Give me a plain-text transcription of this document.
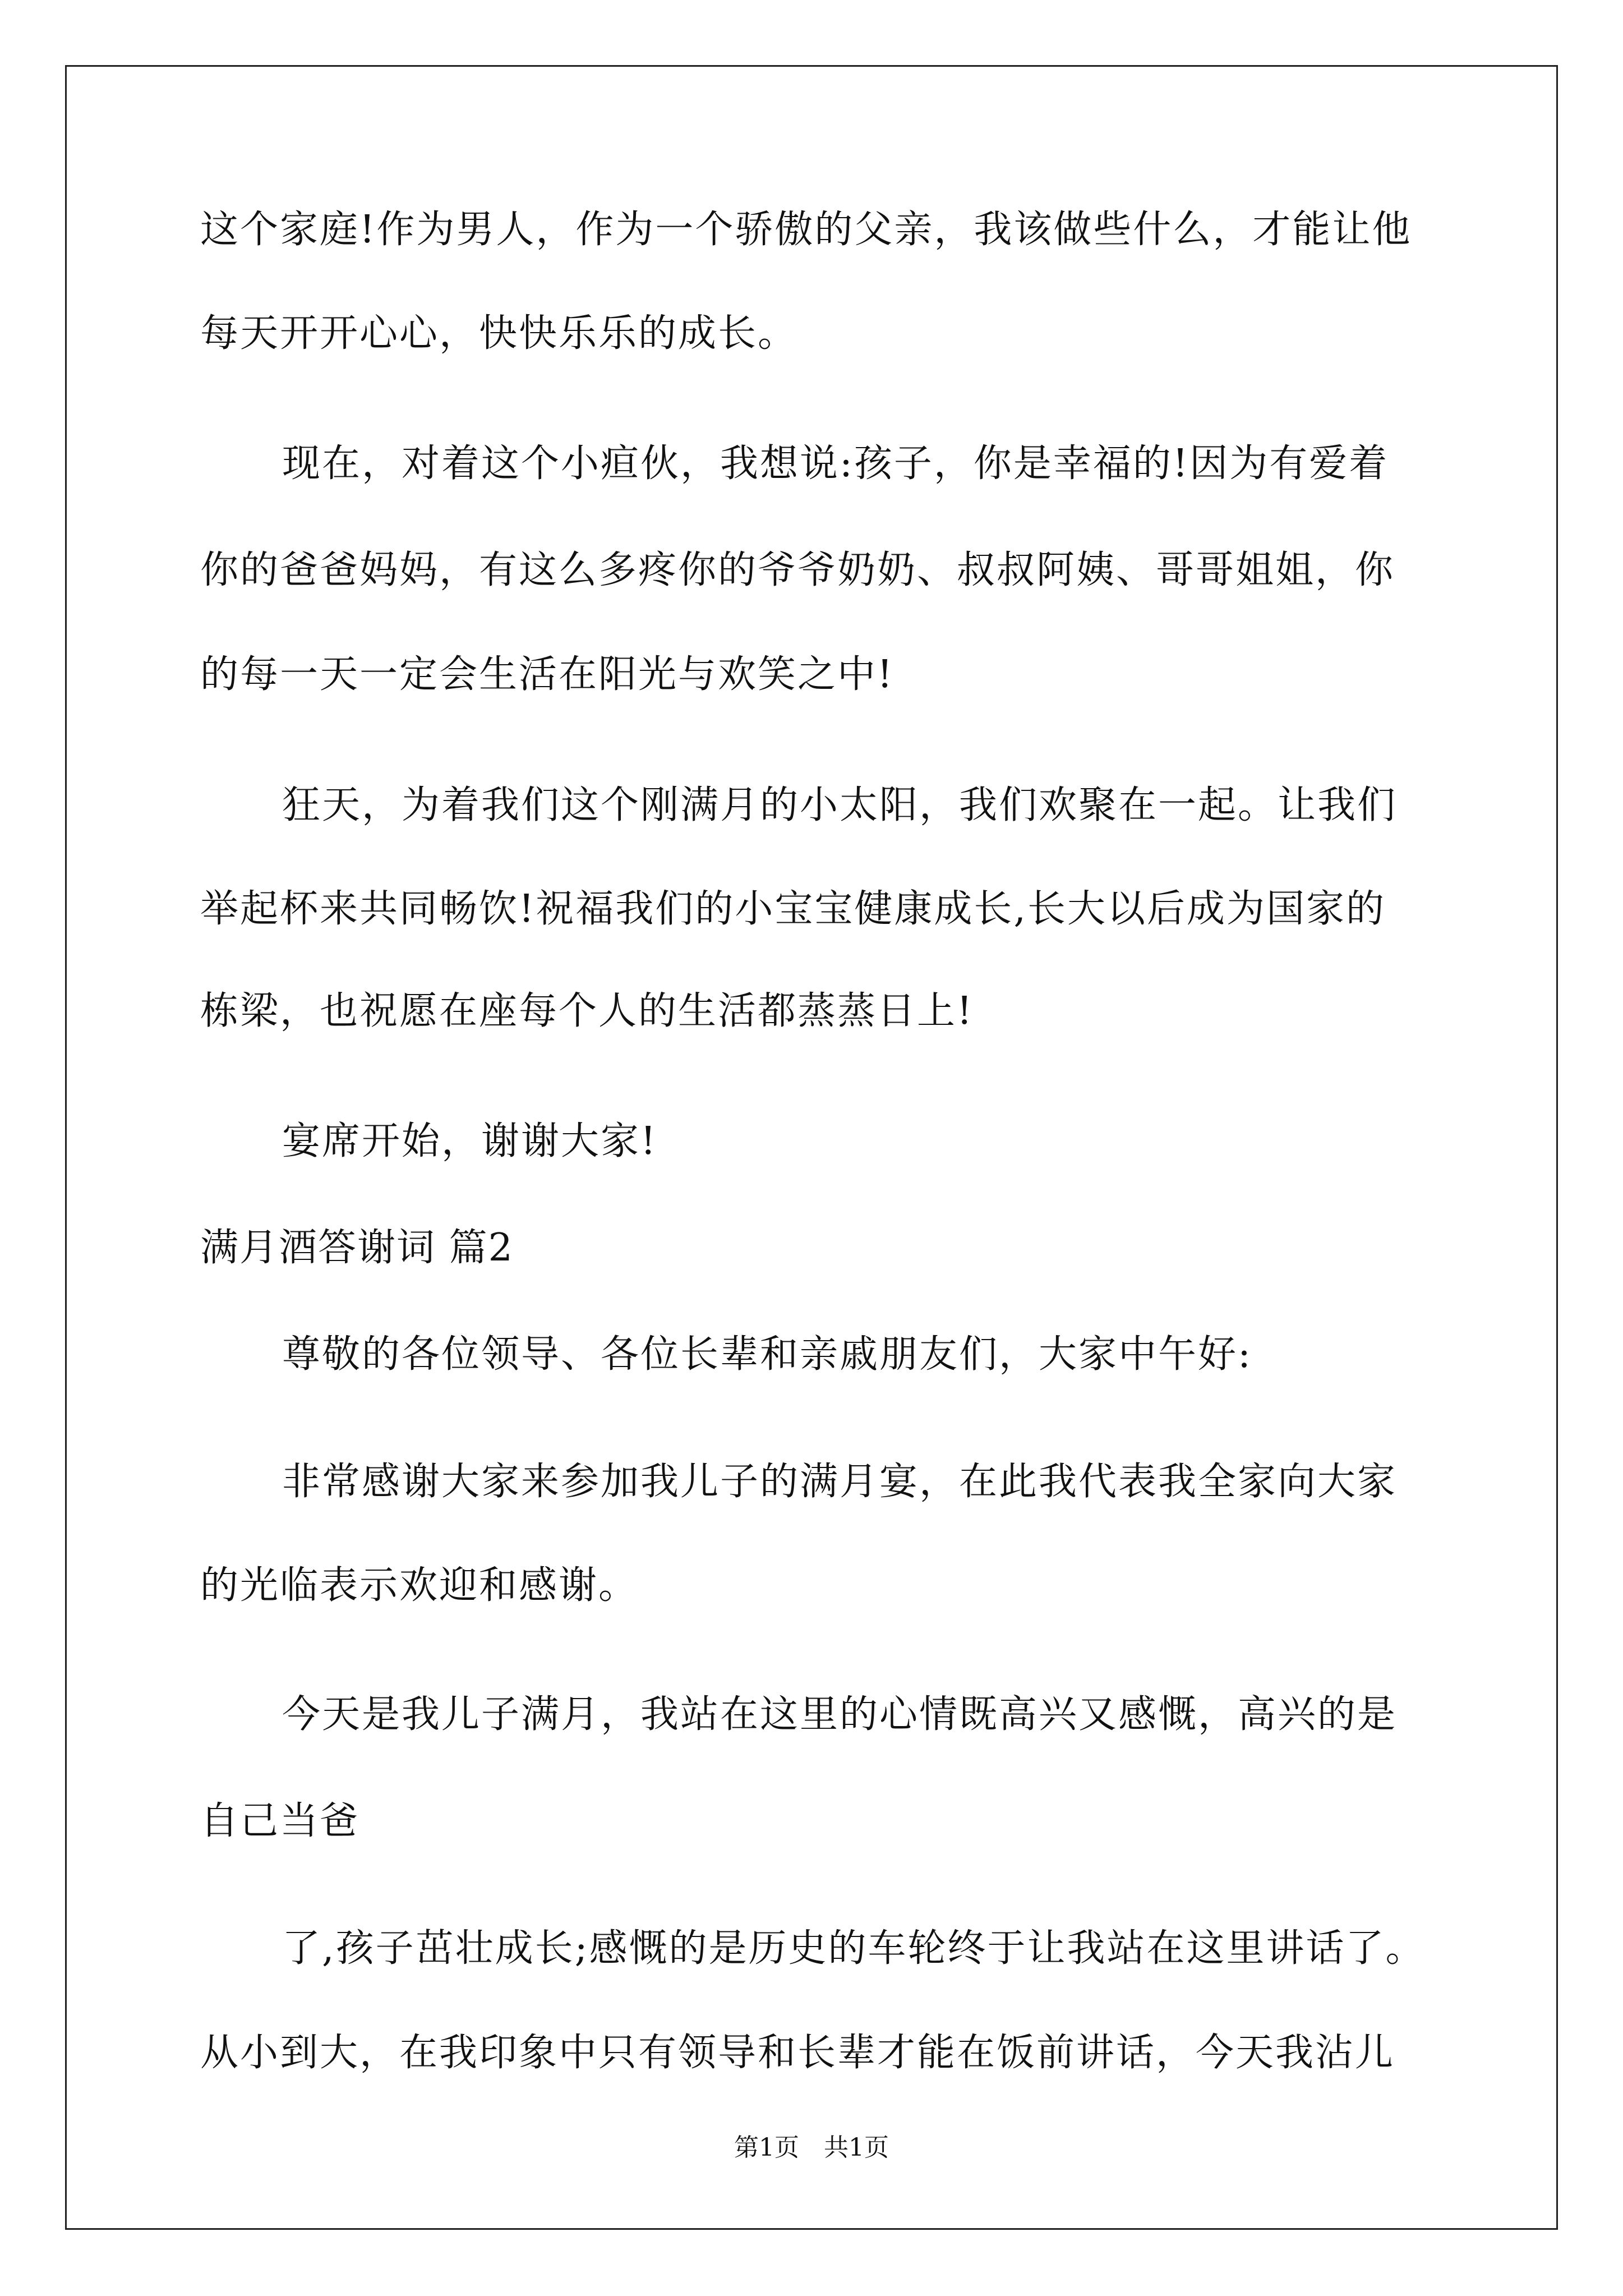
这个家庭!作为男人，作为一个骄傲的父亲，我该做些什么，才能让他
每天开开心心，快快乐乐的成长。
现在，对着这个小疸伙，我想说:孩子，你是幸福的!因为有爱着
你的爸爸妈妈，有这么多疼你的爷爷奶奶、叔叔阿姨、哥哥姐姐，你
的每一天一定会生活在阳光与欢笑之中!
狂天，为着我们这个刚满月的小太阳，我们欢聚在一起。让我们
举起杯来共同畅饮!祝福我们的小宝宝健康成长,长大以后成为国家的
栋梁，也祝愿在座每个人的生活都蒸蒸日上!
宴席开始，谢谢大家!
满月酒答谢词 篇2
尊敬的各位领导、各位长辈和亲戚朋友们，大家中午好:
非常感谢大家来参加我儿子的满月宴，在此我代表我全家向大家
的光临表示欢迎和感谢。
今天是我儿子满月，我站在这里的心情既高兴又感慨，高兴的是
自己当爸
了,孩子茁壮成长;感慨的是历史的车轮终于让我站在这里讲话了。
从小到大，在我印象中只有领导和长辈才能在饭前讲话，今天我沾儿
第1页　共1页
